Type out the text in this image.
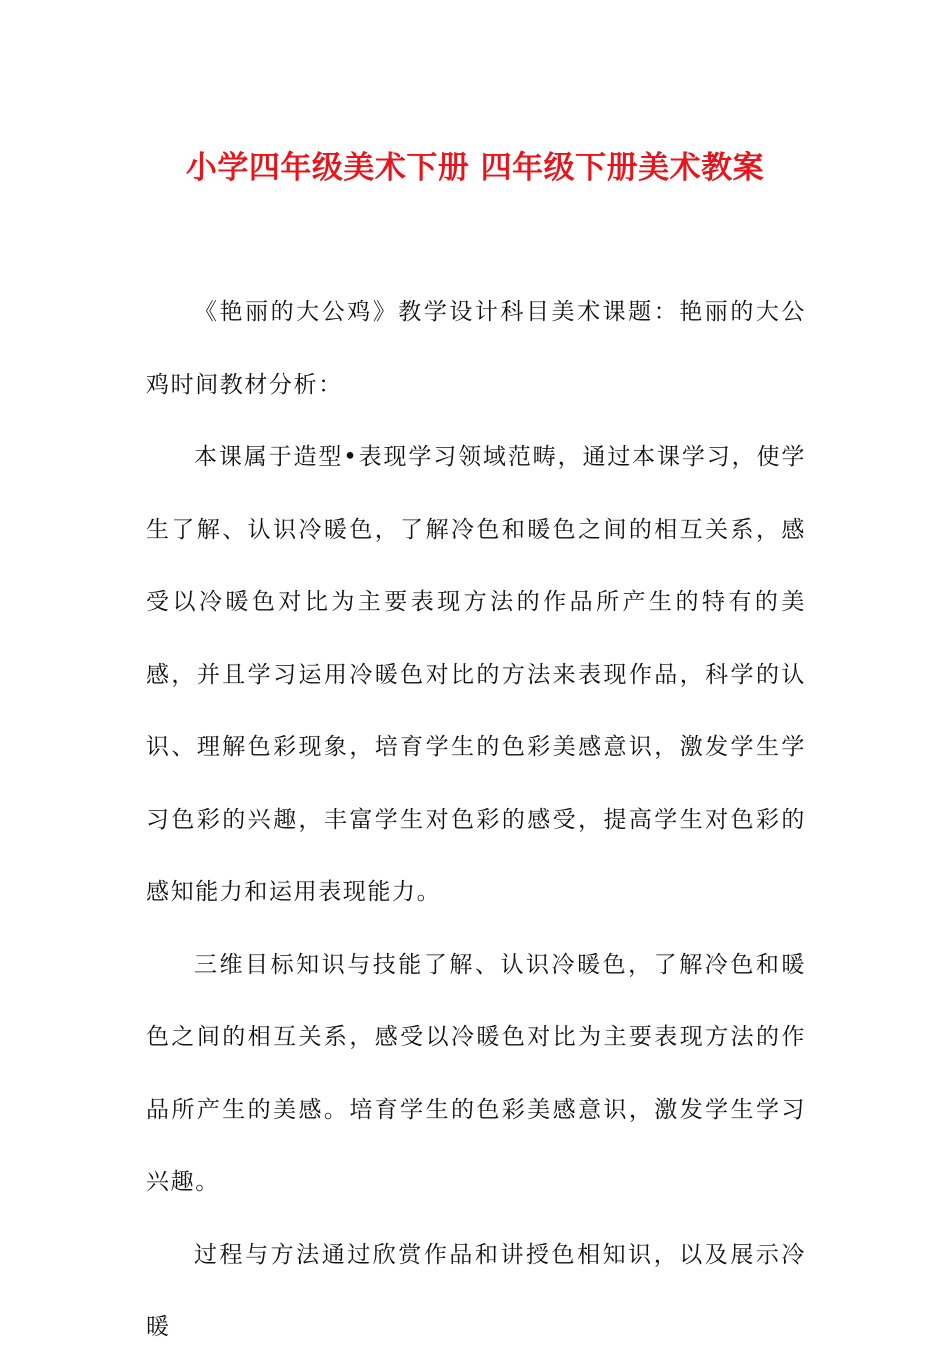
小学四年级美术下册 四年级下册美术教案

《艳丽的大公鸡》教学设计科目美术课题：艳丽的大公鸡时间教材分析：

本课属于造型•表现学习领域范畴，通过本课学习，使学生了解、认识冷暖色，了解冷色和暖色之间的相互关系，感受以冷暖色对比为主要表现方法的作品所产生的特有的美感，并且学习运用冷暖色对比的方法来表现作品，科学的认识、理解色彩现象，培育学生的色彩美感意识，激发学生学习色彩的兴趣，丰富学生对色彩的感受，提高学生对色彩的感知能力和运用表现能力。

三维目标知识与技能了解、认识冷暖色，了解冷色和暖色之间的相互关系，感受以冷暖色对比为主要表现方法的作品所产生的美感。培育学生的色彩美感意识，激发学生学习兴趣。

过程与方法通过欣赏作品和讲授色相知识，以及展示冷暖
